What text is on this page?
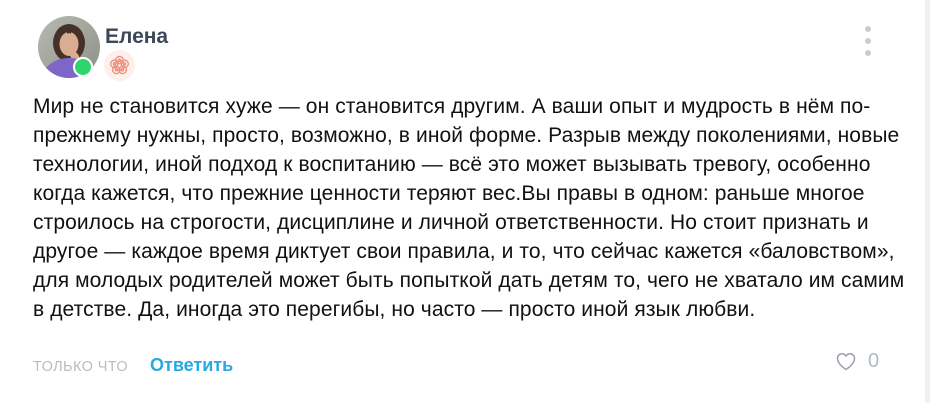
Елена
Мир не становится хуже — он становится другим. А ваши опыт и мудрость в нём по-прежнему нужны, просто, возможно, в иной форме. Разрыв между поколениями, новые технологии, иной подход к воспитанию — всё это может вызывать тревогу, особенно когда кажется, что прежние ценности теряют вес.Вы правы в одном: раньше многое строилось на строгости, дисциплине и личной ответственности. Но стоит признать и другое — каждое время диктует свои правила, и то, что сейчас кажется «баловством», для молодых родителей может быть попыткой дать детям то, чего не хватало им самим в детстве. Да, иногда это перегибы, но часто — просто иной язык любви.
ТОЛЬКО ЧТО Ответить	0
